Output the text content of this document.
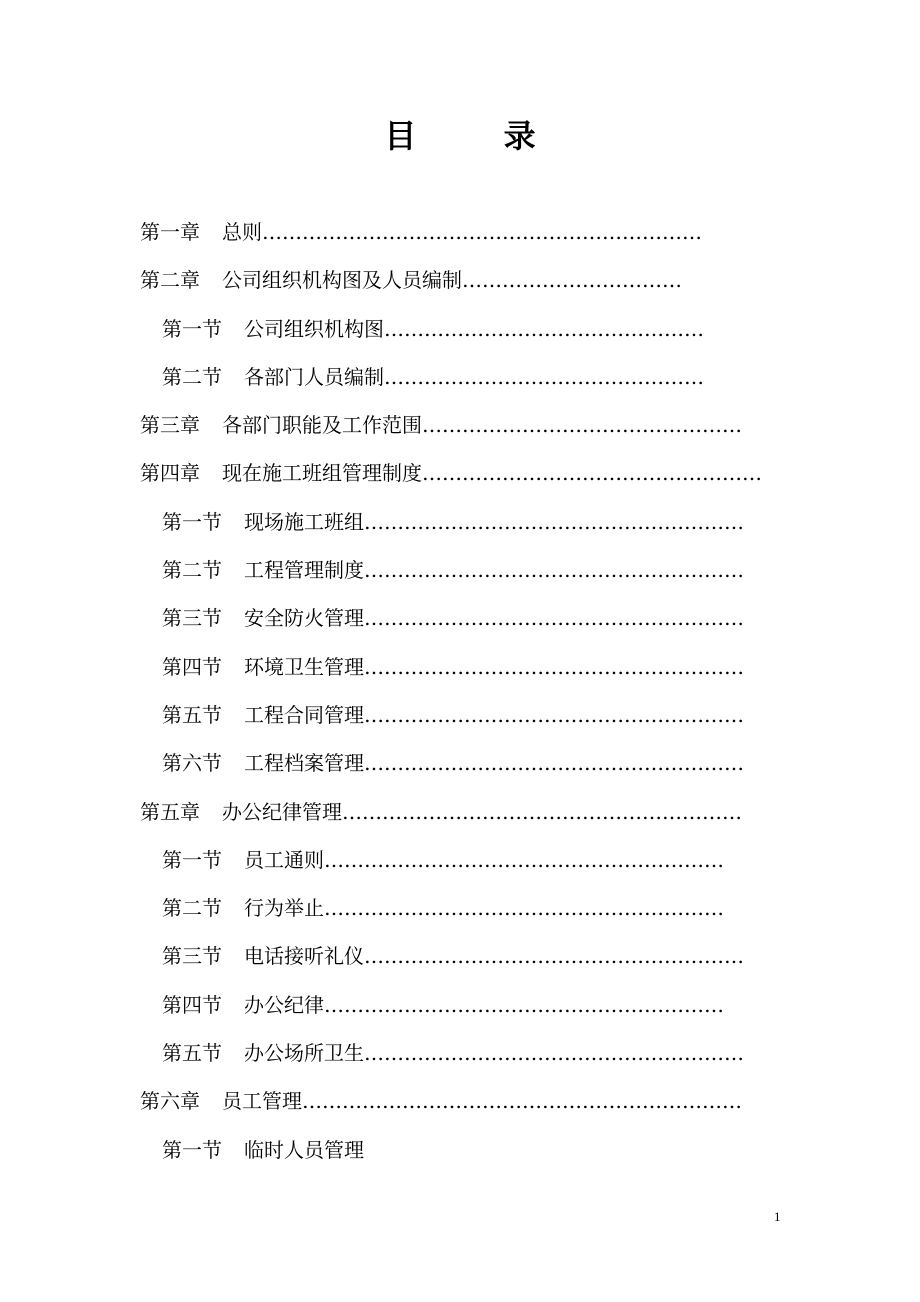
目 录
第一章 总则…………………………………………………………
第二章 公司组织机构图及人员编制……………………………
第一节 公司组织机构图…………………………………………
第二节 各部门人员编制…………………………………………
第三章 各部门职能及工作范围…………………………………………
第四章 现在施工班组管理制度……………………………………………
第一节 现场施工班组…………………………………………………
第二节 工程管理制度…………………………………………………
第三节 安全防火管理…………………………………………………
第四节 环境卫生管理…………………………………………………
第五节 工程合同管理…………………………………………………
第六节 工程档案管理…………………………………………………
第五章 办公纪律管理……………………………………………………
第一节 员工通则……………………………………………………
第二节 行为举止……………………………………………………
第三节 电话接听礼仪…………………………………………………
第四节 办公纪律……………………………………………………
第五节 办公场所卫生…………………………………………………
第六章 员工管理…………………………………………………………
第一节 临时人员管理
1
